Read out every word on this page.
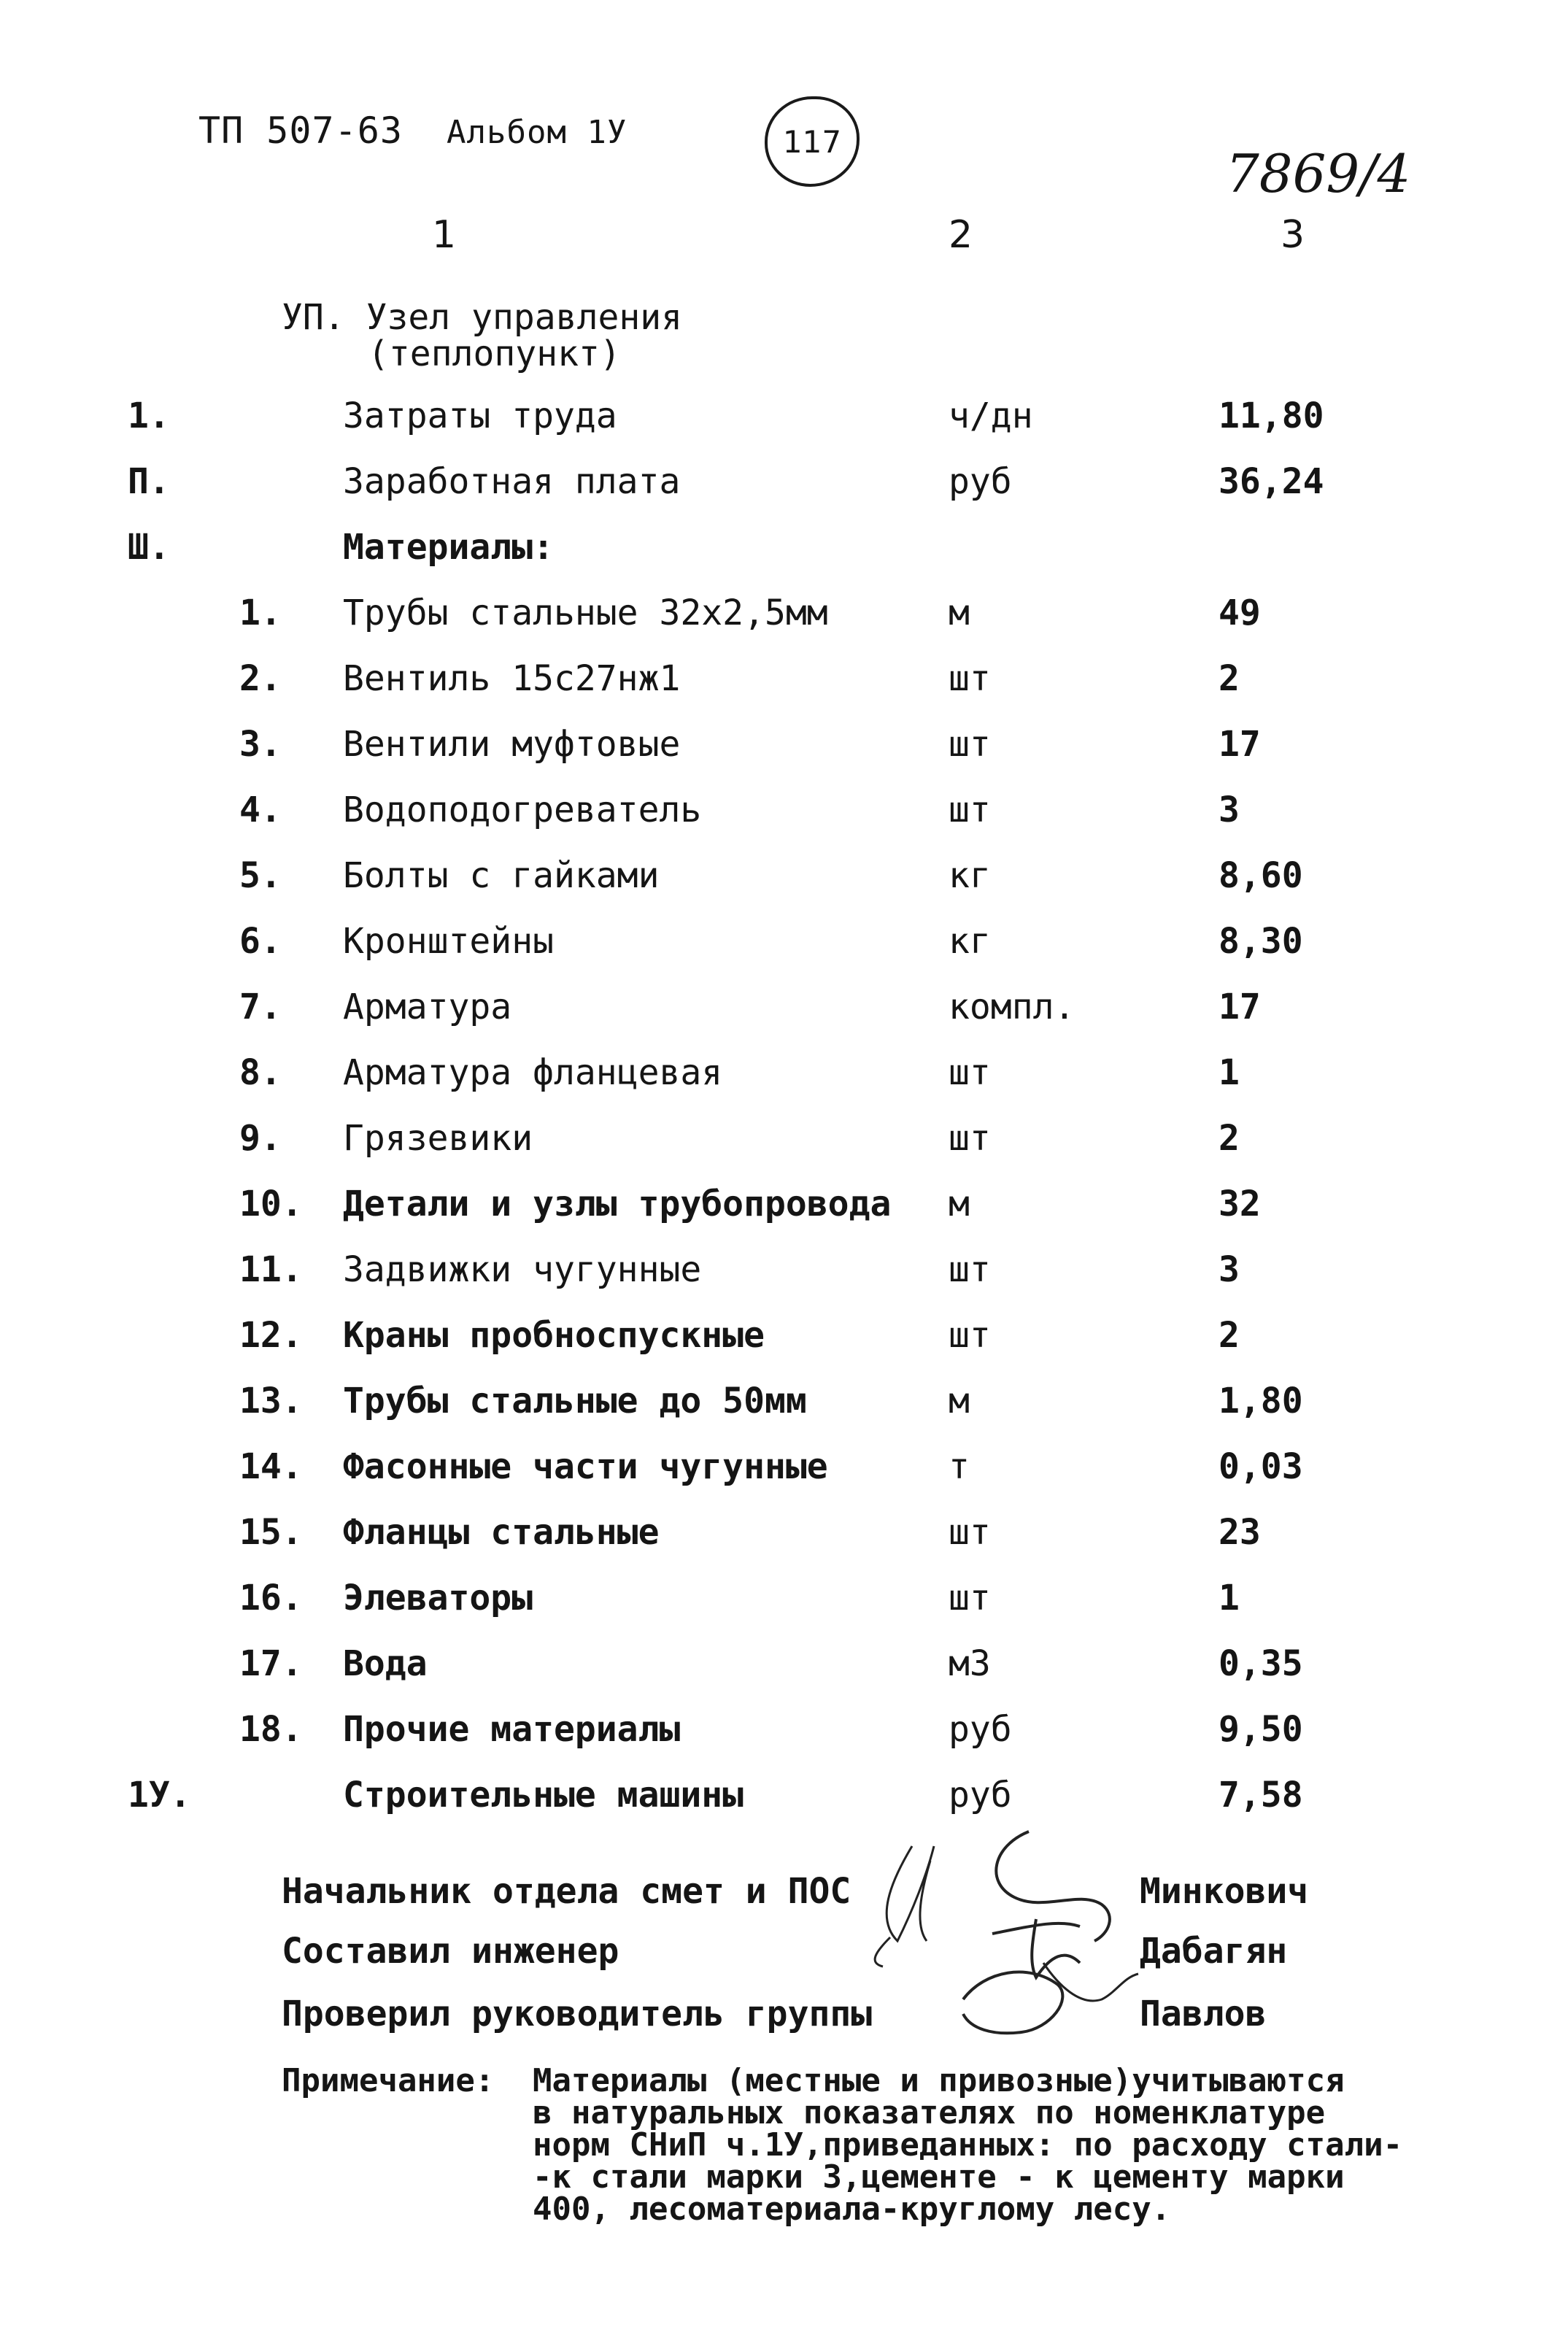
ТП 507-63 Альбом 1У	117
7869/4
1	2	3
УП. Узел управления
(теплопункт)
1.	Затраты труда	ч/дн	11,80
П.	Заработная плата	руб	36,24
Ш.	Материалы:
1. Трубы стальные 32х2,5мм	м	49
2. Вентиль 15с27нж1	шт	2
3. Вентили муфтовые	шт	17
4. Водоподогреватель	шт	3
5. Болты с гайками	кг	8,60
6. Кронштейны	кг	8,30
7. Арматура	компл.	17
8. Арматура фланцевая	шт	1
9. Грязевики	шт	2
10. Детали и узлы трубопровода м	32
11. Задвижки чугунные	шт	3
12. Краны пробноспускные	шт	2
13. Трубы стальные до 50мм	м	1,80
14. Фасонные части чугунные	т	0,03
15. Фланцы стальные	шт	23
16. Элеваторы	шт	1
17. Вода	м3	0,35
18. Прочие материалы	руб	9,50
1У.	Строительные машины	руб	7,58
Начальник отдела смет и ПОС	Минкович
Составил инженер	Дабагян
Проверил руководитель группы	Павлов
Примечание: Материалы (местные и привозные)учитываются
в натуральных показателях по номенклатуре
норм СНиП ч.1У,приведанных: по расходу стали-
-к стали марки 3,цементе - к цементу марки
400, лесоматериала-круглому лесу.
